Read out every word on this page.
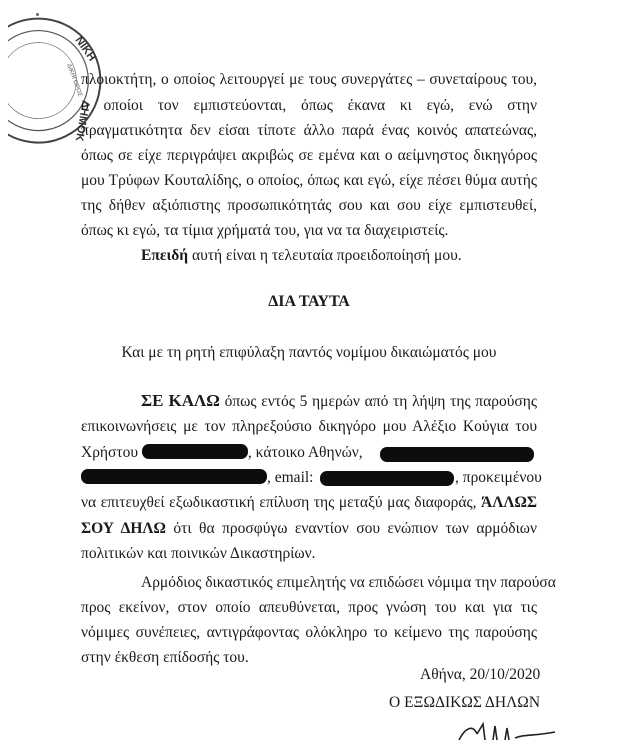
ΝΙΚΗ
ΔΗΜΟΚ
ΔΙΚΗΓΟΡΟΣ
πλοιοκτήτη, ο οποίος λειτουργεί με τους συνεργάτες – συνεταίρους του,
ο οποίοι τον εμπιστεύονται, όπως έκανα κι εγώ, ενώ στην
πραγματικότητα δεν είσαι τίποτε άλλο παρά ένας κοινός απατεώνας,
όπως σε είχε περιγράψει ακριβώς σε εμένα και ο αείμνηστος δικηγόρος
μου Τρύφων Κουταλίδης, ο οποίος, όπως και εγώ, είχε πέσει θύμα αυτής
της δήθεν αξιόπιστης προσωπικότητάς σου και σου είχε εμπιστευθεί,
όπως κι εγώ, τα τίμια χρήματά του, για να τα διαχειριστείς.
Επειδή αυτή είναι η τελευταία προειδοποίησή μου.
ΔΙΑ ΤΑΥΤΑ
Και με τη ρητή επιφύλαξη παντός νομίμου δικαιώματός μου
ΣΕ ΚΑΛΩ όπως εντός 5 ημερών από τη λήψη της παρούσης
επικοινωνήσεις με τον πληρεξούσιο δικηγόρο μου Αλέξιο Κούγια του
Χρήστου	, κάτοικο Αθηνών,
, email:	, προκειμένου
να επιτευχθεί εξωδικαστική επίλυση της μεταξύ μας διαφοράς, ΆΛΛΩΣ
ΣΟΥ ΔΗΛΩ ότι θα προσφύγω εναντίον σου ενώπιον των αρμόδιων
πολιτικών και ποινικών Δικαστηρίων.
Αρμόδιος δικαστικός επιμελητής να επιδώσει νόμιμα την παρούσα
προς εκείνον, στον οποίο απευθύνεται, προς γνώση του και για τις
νόμιμες συνέπειες, αντιγράφοντας ολόκληρο το κείμενο της παρούσης
στην έκθεση επίδοσής του.
Αθήνα, 20/10/2020
Ο ΕΞΩΔΙΚΩΣ ΔΗΛΩΝ
